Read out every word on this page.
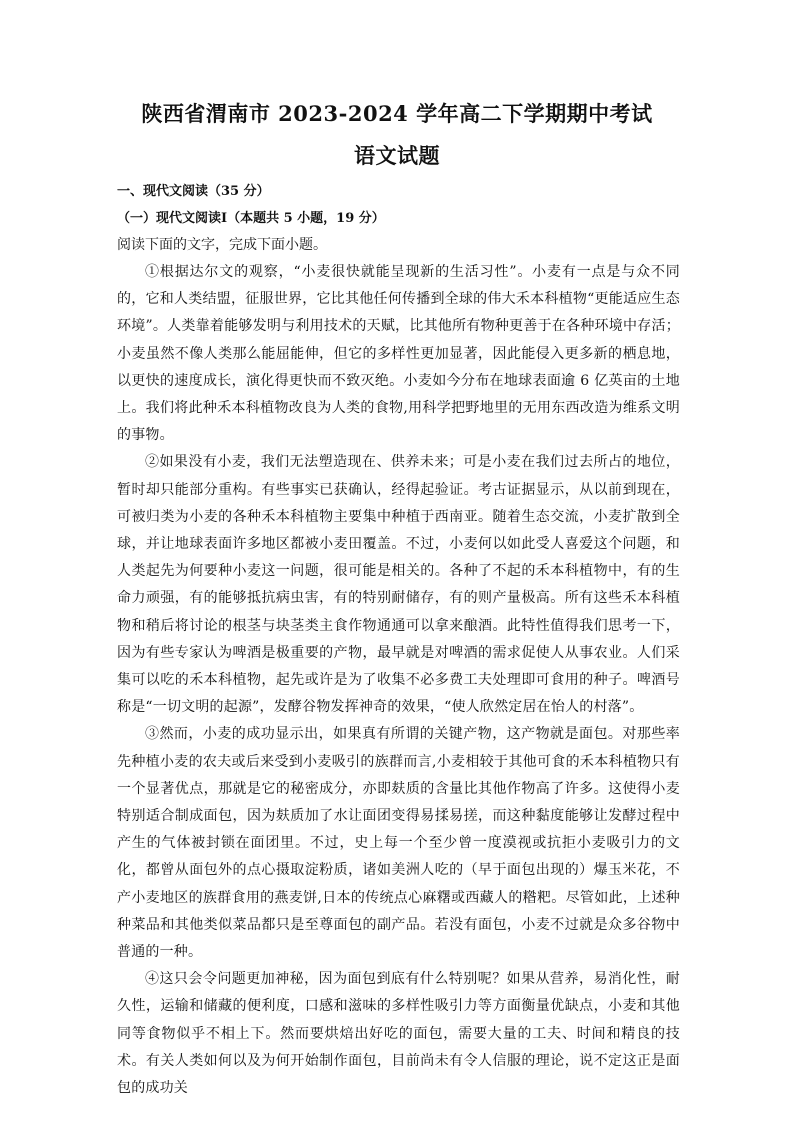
陕西省渭南市 2023-2024 学年高二下学期期中考试
语文试题
一、现代文阅读（35 分）
（一）现代文阅读Ⅰ（本题共 5 小题，19 分）
阅读下面的文字，完成下面小题。

①根据达尔文的观察，“小麦很快就能呈现新的生活习性”。小麦有一点是与众不同的，它和人类结盟，征服世界，它比其他任何传播到全球的伟大禾本科植物“更能适应生态环境”。人类靠着能够发明与利用技术的天赋，比其他所有物种更善于在各种环境中存活；小麦虽然不像人类那么能屈能伸，但它的多样性更加显著，因此能侵入更多新的栖息地，以更快的速度成长，演化得更快而不致灭绝。小麦如今分布在地球表面逾 6 亿英亩的土地上。我们将此种禾本科植物改良为人类的食物,用科学把野地里的无用东西改造为维系文明的事物。

②如果没有小麦，我们无法塑造现在、供养未来；可是小麦在我们过去所占的地位，暂时却只能部分重构。有些事实已获确认，经得起验证。考古证据显示，从以前到现在，可被归类为小麦的各种禾本科植物主要集中种植于西南亚。随着生态交流，小麦扩散到全球，并让地球表面许多地区都被小麦田覆盖。不过，小麦何以如此受人喜爱这个问题，和人类起先为何要种小麦这一问题，很可能是相关的。各种了不起的禾本科植物中，有的生命力顽强，有的能够抵抗病虫害，有的特别耐储存，有的则产量极高。所有这些禾本科植物和稍后将讨论的根茎与块茎类主食作物通通可以拿来酿酒。此特性值得我们思考一下，因为有些专家认为啤酒是极重要的产物，最早就是对啤酒的需求促使人从事农业。人们采集可以吃的禾本科植物，起先或许是为了收集不必多费工夫处理即可食用的种子。啤酒号称是“一切文明的起源”，发酵谷物发挥神奇的效果，“使人欣然定居在怡人的村落”。

③然而，小麦的成功显示出，如果真有所谓的关键产物，这产物就是面包。对那些率先种植小麦的农夫或后来受到小麦吸引的族群而言,小麦相较于其他可食的禾本科植物只有一个显著优点，那就是它的秘密成分，亦即麸质的含量比其他作物高了许多。这使得小麦特别适合制成面包，因为麸质加了水让面团变得易揉易搓，而这种黏度能够让发酵过程中产生的气体被封锁在面团里。不过，史上每一个至少曾一度漠视或抗拒小麦吸引力的文化，都曾从面包外的点心摄取淀粉质，诸如美洲人吃的（早于面包出现的）爆玉米花，不产小麦地区的族群食用的燕麦饼,日本的传统点心麻糬或西藏人的糌粑。尽管如此，上述种种菜品和其他类似菜品都只是至尊面包的副产品。若没有面包，小麦不过就是众多谷物中普通的一种。

④这只会令问题更加神秘，因为面包到底有什么特别呢？如果从营养，易消化性，耐久性，运输和储藏的便利度，口感和滋味的多样性吸引力等方面衡量优缺点，小麦和其他同等食物似乎不相上下。然而要烘焙出好吃的面包，需要大量的工夫、时间和精良的技术。有关人类如何以及为何开始制作面包，目前尚未有令人信服的理论，说不定这正是面包的成功关
